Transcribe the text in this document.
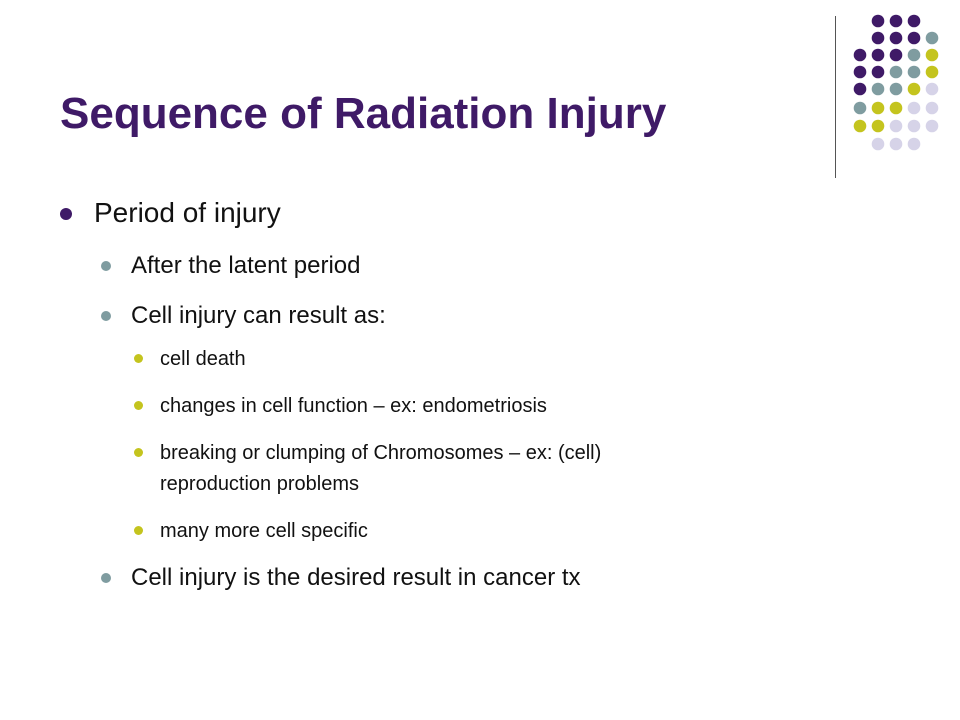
Sequence of Radiation Injury
Period of injury
After the latent period
Cell injury can result as:
cell death
changes in cell function – ex: endometriosis
breaking or clumping of Chromosomes – ex: (cell)
reproduction problems
many more cell specific
Cell injury is the desired result in cancer tx
